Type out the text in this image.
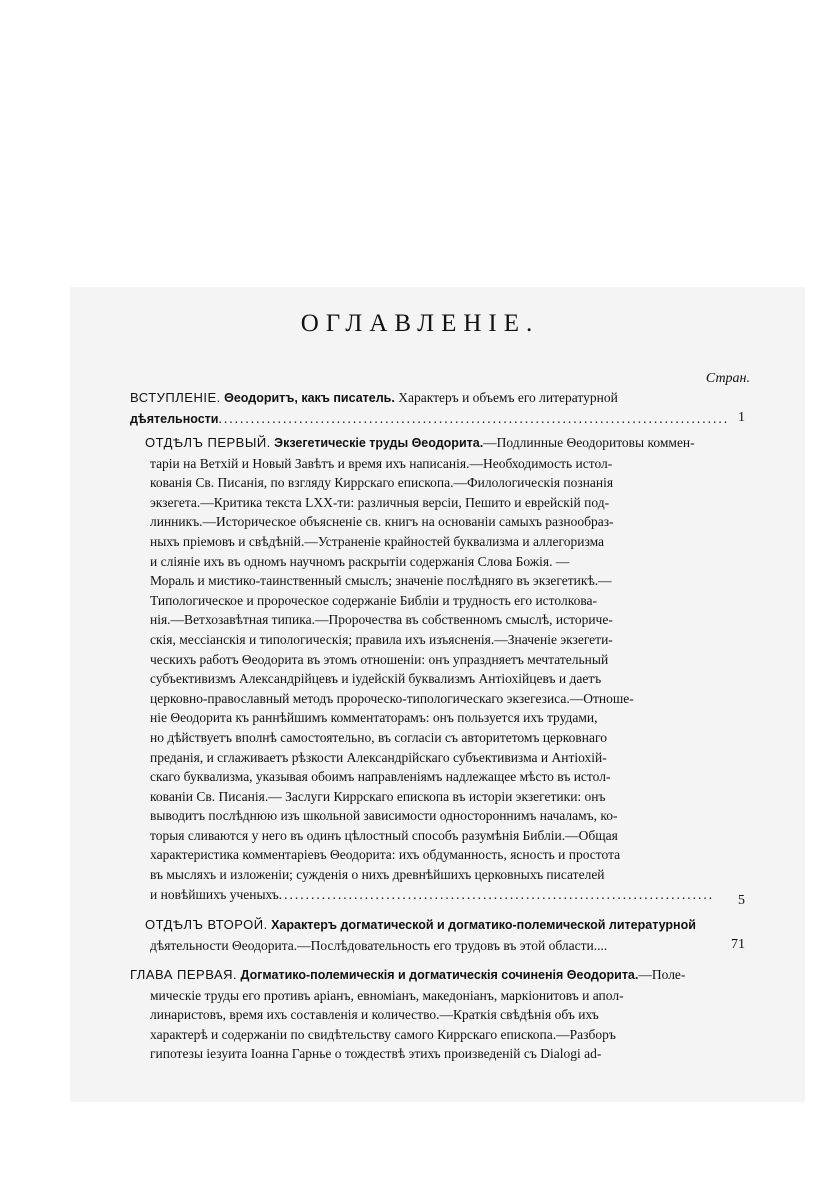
ОГЛАВЛЕНIЕ.
Стран.
ВСТУПЛЕНIЕ. Θеодоритъ, какъ писатель. Характеръ и объемъ его литературной
дѣятельности .....	1
ОТДѢЛЪ ПЕРВЫЙ. Экзегетическiе труды Θеодорита.—Подлинные Θеодоритовы коммен-
тарiи на Ветхiй и Новый Завѣтъ и время ихъ написанiя.—Необходимость истол-
кованiя Св. Писанiя, по взгляду Киррскаго епископа.—Филологическiя познанiя
экзегета.—Критика текста LXX-ти: различныя версiи, Пешито и еврейскiй под-
линникъ.—Историческое объясненiе св. книгъ на основанiи самыхъ разнообраз-
ныхъ прiемовъ и свѣдѣнiй.—Устраненiе крайностей буквализма и аллегоризма
и слiянiе ихъ въ одномъ научномъ раскрытiи содержанiя Слова Божiя. —
Мораль и мистико-таинственный смыслъ; значенiе послѣдняго въ экзегетикѣ.—
Типологическое и пророческое содержанiе Библiи и трудность его истолкова-
нiя.—Ветхозавѣтная типика.—Пророчества въ собственномъ смыслѣ, историче-
скiя, мессiанскiя и типологическiя; правила ихъ изъясненiя.—Значенiе экзегети-
ческихъ работъ Θеодорита въ этомъ отношенiи: онъ упраздняетъ мечтательный
субъективизмъ Александрiйцевъ и iудейскiй буквализмъ Антiохiйцевъ и даетъ
церковно-православный методъ пророческо-типологическаго экзегезиса.—Отноше-
нiе Θеодорита къ раннѣйшимъ комментаторамъ: онъ пользуется ихъ трудами,
но дѣйствуетъ вполнѣ самостоятельно, въ согласiи съ авторитетомъ церковнаго
преданiя, и сглаживаетъ рѣзкости Александрiйскаго субъективизма и Антiохiй-
скаго буквализма, указывая обоимъ направленiямъ надлежащее мѣсто въ истол-
кованiи Св. Писанiя.— Заслуги Киррскаго епископа въ исторiи экзегетики: онъ
выводитъ послѣднюю изъ школьной зависимости одностороннимъ началамъ, ко-
торыя сливаются у него въ одинъ цѣлостный способъ разумѣнiя Библiи.—Общая
характеристика комментарiевъ Θеодорита: ихъ обдуманность, ясность и простота
въ мысляхъ и изложенiи; сужденiя о нихъ древнѣйшихъ церковныхъ писателей
и новѣйшихъ ученыхъ .....	5
ОТДѢЛЪ ВТОРОЙ. Характеръ догматической и догматико-полемической литературной
дѣятельности Θеодорита.—Послѣдовательность его трудовъ въ этой области....	71
ГЛАВА ПЕРВАЯ. Догматико-полемическiя и догматическiя сочиненiя Θеодорита.—Поле-
мическiе труды его противъ арiанъ, евномiанъ, македонiанъ, маркiонитовъ и апол-
линаристовъ, время ихъ составленiя и количество.—Краткiя свѣдѣнiя объ ихъ
характерѣ и содержанiи по свидѣтельству самого Киррскаго епископа.—Разборъ
гипотезы iезуита Iоанна Гарнье о тождествѣ этихъ произведенiй съ Dialogi ad-
